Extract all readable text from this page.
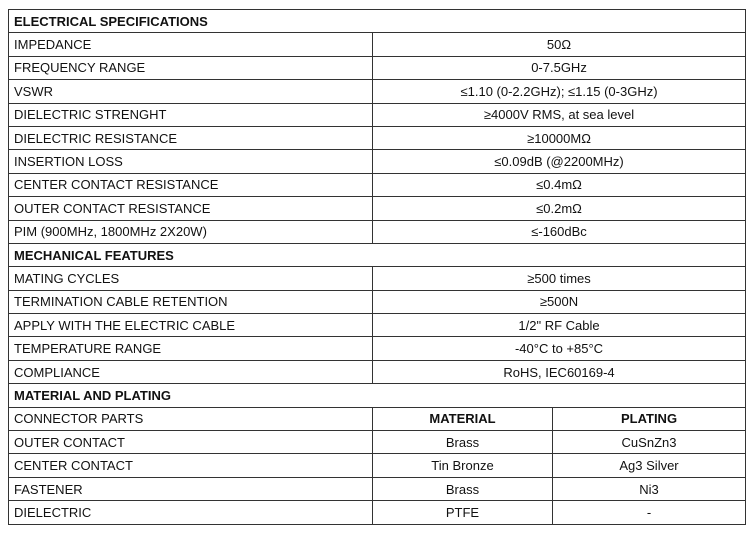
ELECTRICAL SPECIFICATIONS		
IMPEDANCE	50Ω	
FREQUENCY RANGE	0-7.5GHz	
VSWR	≤1.10 (0-2.2GHz); ≤1.15 (0-3GHz)	
DIELECTRIC STRENGHT	≥4000V RMS, at sea level	
DIELECTRIC RESISTANCE	≥10000MΩ	
INSERTION LOSS	≤0.09dB (@2200MHz)	
CENTER CONTACT RESISTANCE	≤0.4mΩ	
OUTER CONTACT RESISTANCE	≤0.2mΩ	
PIM (900MHz, 1800MHz 2X20W)	≤-160dBc	
MECHANICAL FEATURES		
MATING CYCLES	≥500 times	
TERMINATION CABLE RETENTION	≥500N	
APPLY WITH THE ELECTRIC CABLE	1/2" RF Cable	
TEMPERATURE RANGE	-40°C to +85°C	
COMPLIANCE	RoHS, IEC60169-4	
MATERIAL AND PLATING		
CONNECTOR PARTS	MATERIAL	PLATING
OUTER CONTACT	Brass	CuSnZn3
CENTER CONTACT	Tin Bronze	Ag3 Silver
FASTENER	Brass	Ni3
DIELECTRIC	PTFE	-
